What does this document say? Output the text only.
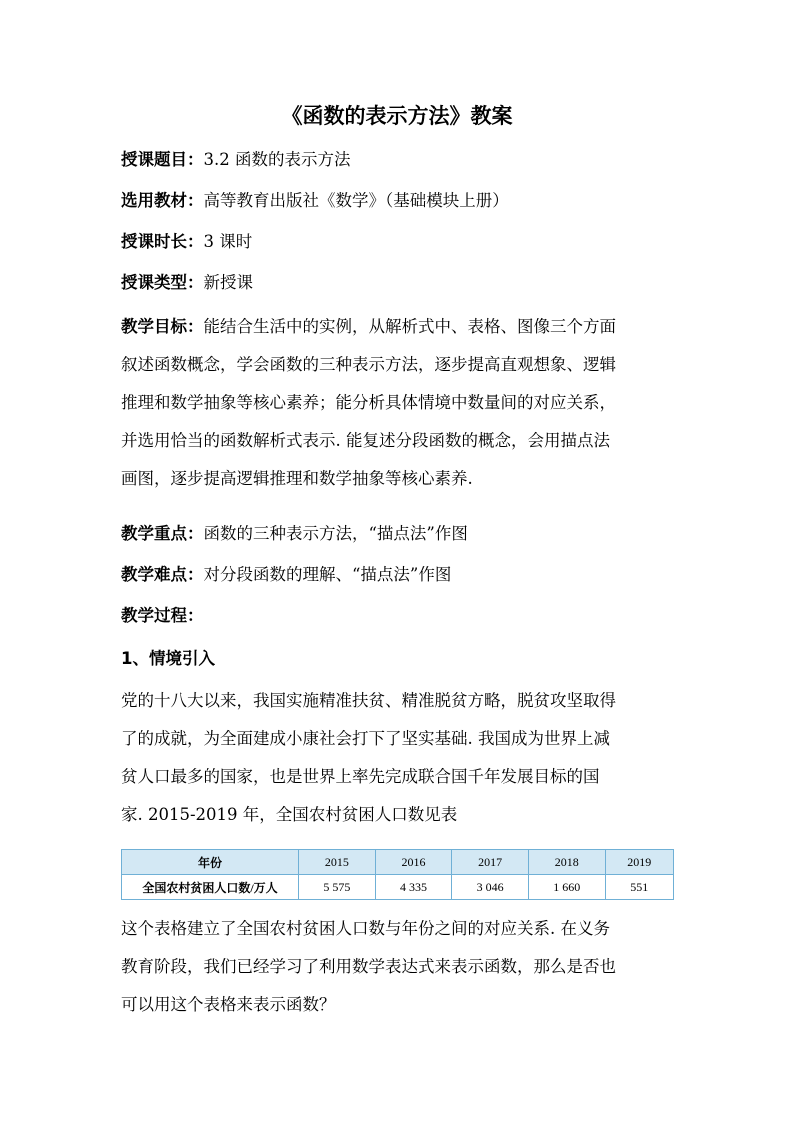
《函数的表示方法》教案
授课题目：3.2 函数的表示方法
选用教材：高等教育出版社《数学》（基础模块上册）
授课时长：3 课时
授课类型：新授课
教学目标：能结合生活中的实例，从解析式中、表格、图像三个方面
叙述函数概念，学会函数的三种表示方法，逐步提高直观想象、逻辑
推理和数学抽象等核心素养；能分析具体情境中数量间的对应关系，
并选用恰当的函数解析式表示. 能复述分段函数的概念，会用描点法
画图，逐步提高逻辑推理和数学抽象等核心素养.
教学重点：函数的三种表示方法，“描点法”作图
教学难点：对分段函数的理解、“描点法”作图
教学过程：
1、情境引入
党的十八大以来，我国实施精准扶贫、精准脱贫方略，脱贫攻坚取得
了的成就，为全面建成小康社会打下了坚实基础. 我国成为世界上减
贫人口最多的国家，也是世界上率先完成联合国千年发展目标的国
家. 2015-2019 年，全国农村贫困人口数见表
年份	2015	2016	2017	2018	2019
全国农村贫困人口数/万人	5 575	4 335	3 046	1 660	551
这个表格建立了全国农村贫困人口数与年份之间的对应关系. 在义务
教育阶段，我们已经学习了利用数学表达式来表示函数，那么是否也
可以用这个表格来表示函数？
